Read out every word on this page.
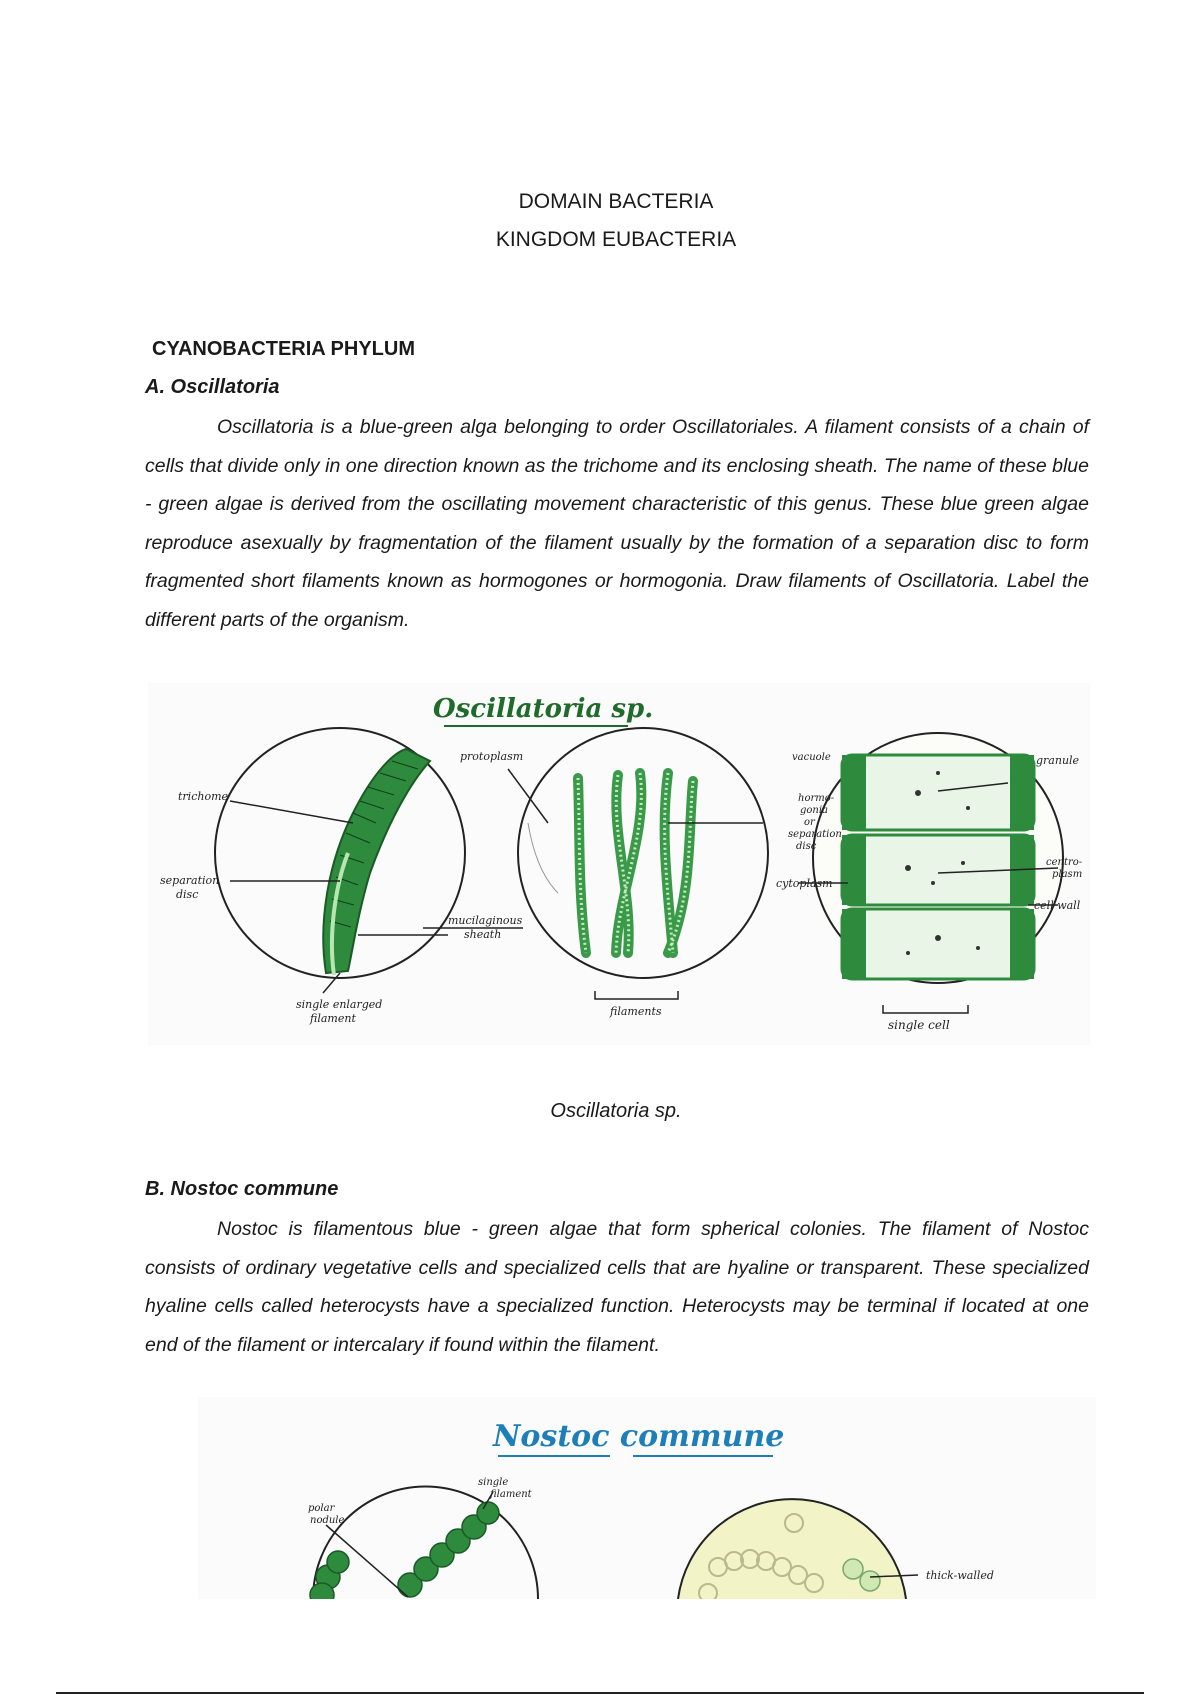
DOMAIN BACTERIA
KINGDOM EUBACTERIA
CYANOBACTERIA PHYLUM
A. Oscillatoria
Oscillatoria is a blue-green alga belonging to order Oscillatoriales. A filament consists of a chain of cells that divide only in one direction known as the trichome and its enclosing sheath. The name of these blue - green algae is derived from the oscillating movement characteristic of this genus. These blue green algae reproduce asexually by fragmentation of the filament usually by the formation of a separation disc to form fragmented short filaments known as hormogones or hormogonia. Draw filaments of Oscillatoria. Label the different parts of the organism.
Oscillatoria sp.
trichome
separation
disc
single enlarged
filament
protoplasm
mucilaginous
sheath
filaments
hormo-
gonia
or
separation
disc
cytoplasm
vacuole	granule
centro-
plasm
cell wall
single cell
Oscillatoria sp.
B. Nostoc commune
Nostoc is filamentous blue - green algae that form spherical colonies. The filament of Nostoc consists of ordinary vegetative cells and specialized cells that are hyaline or transparent. These specialized hyaline cells called heterocysts have a specialized function. Heterocysts may be terminal if located at one end of the filament or intercalary if found within the filament.
Nostoc commune
polar
nodule
single
filament
thick-walled
